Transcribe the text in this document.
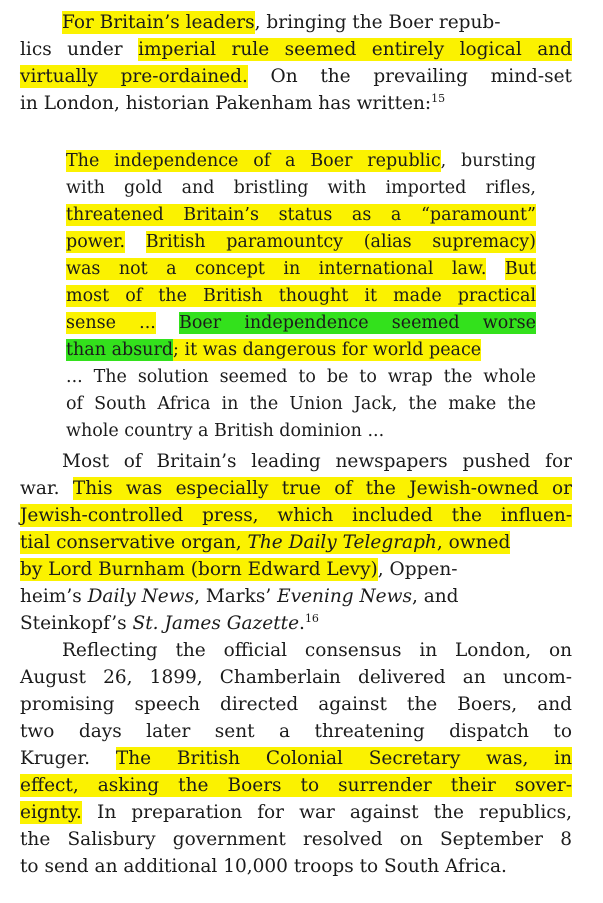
For Britain’s leaders, bringing the Boer repub-
lics under imperial rule seemed entirely logical and
virtually pre-ordained. On the prevailing mind-set
in London, historian Pakenham has written:$^{15}$
The independence of a Boer republic, bursting
with gold and bristling with imported rifles,
threatened Britain’s status as a “paramount”
power. British paramountcy (alias supremacy)
was not a concept in international law. But
most of the British thought it made practical
sense ... Boer independence seemed worse
than absurd; it was dangerous for world peace
... The solution seemed to be to wrap the whole
of South Africa in the Union Jack, the make the
whole country a British dominion ...
Most of Britain’s leading newspapers pushed for
war. This was especially true of the Jewish-owned or
Jewish-controlled press, which included the influen-
tial conservative organ, The Daily Telegraph, owned
by Lord Burnham (born Edward Levy), Oppen-
heim’s Daily News, Marks’ Evening News, and
Steinkopf’s St. James Gazette.$^{16}$
Reflecting the official consensus in London, on
August 26, 1899, Chamberlain delivered an uncom-
promising speech directed against the Boers, and
two days later sent a threatening dispatch to
Kruger. The British Colonial Secretary was, in
effect, asking the Boers to surrender their sover-
eignty. In preparation for war against the republics,
the Salisbury government resolved on September 8
to send an additional 10,000 troops to South Africa.
